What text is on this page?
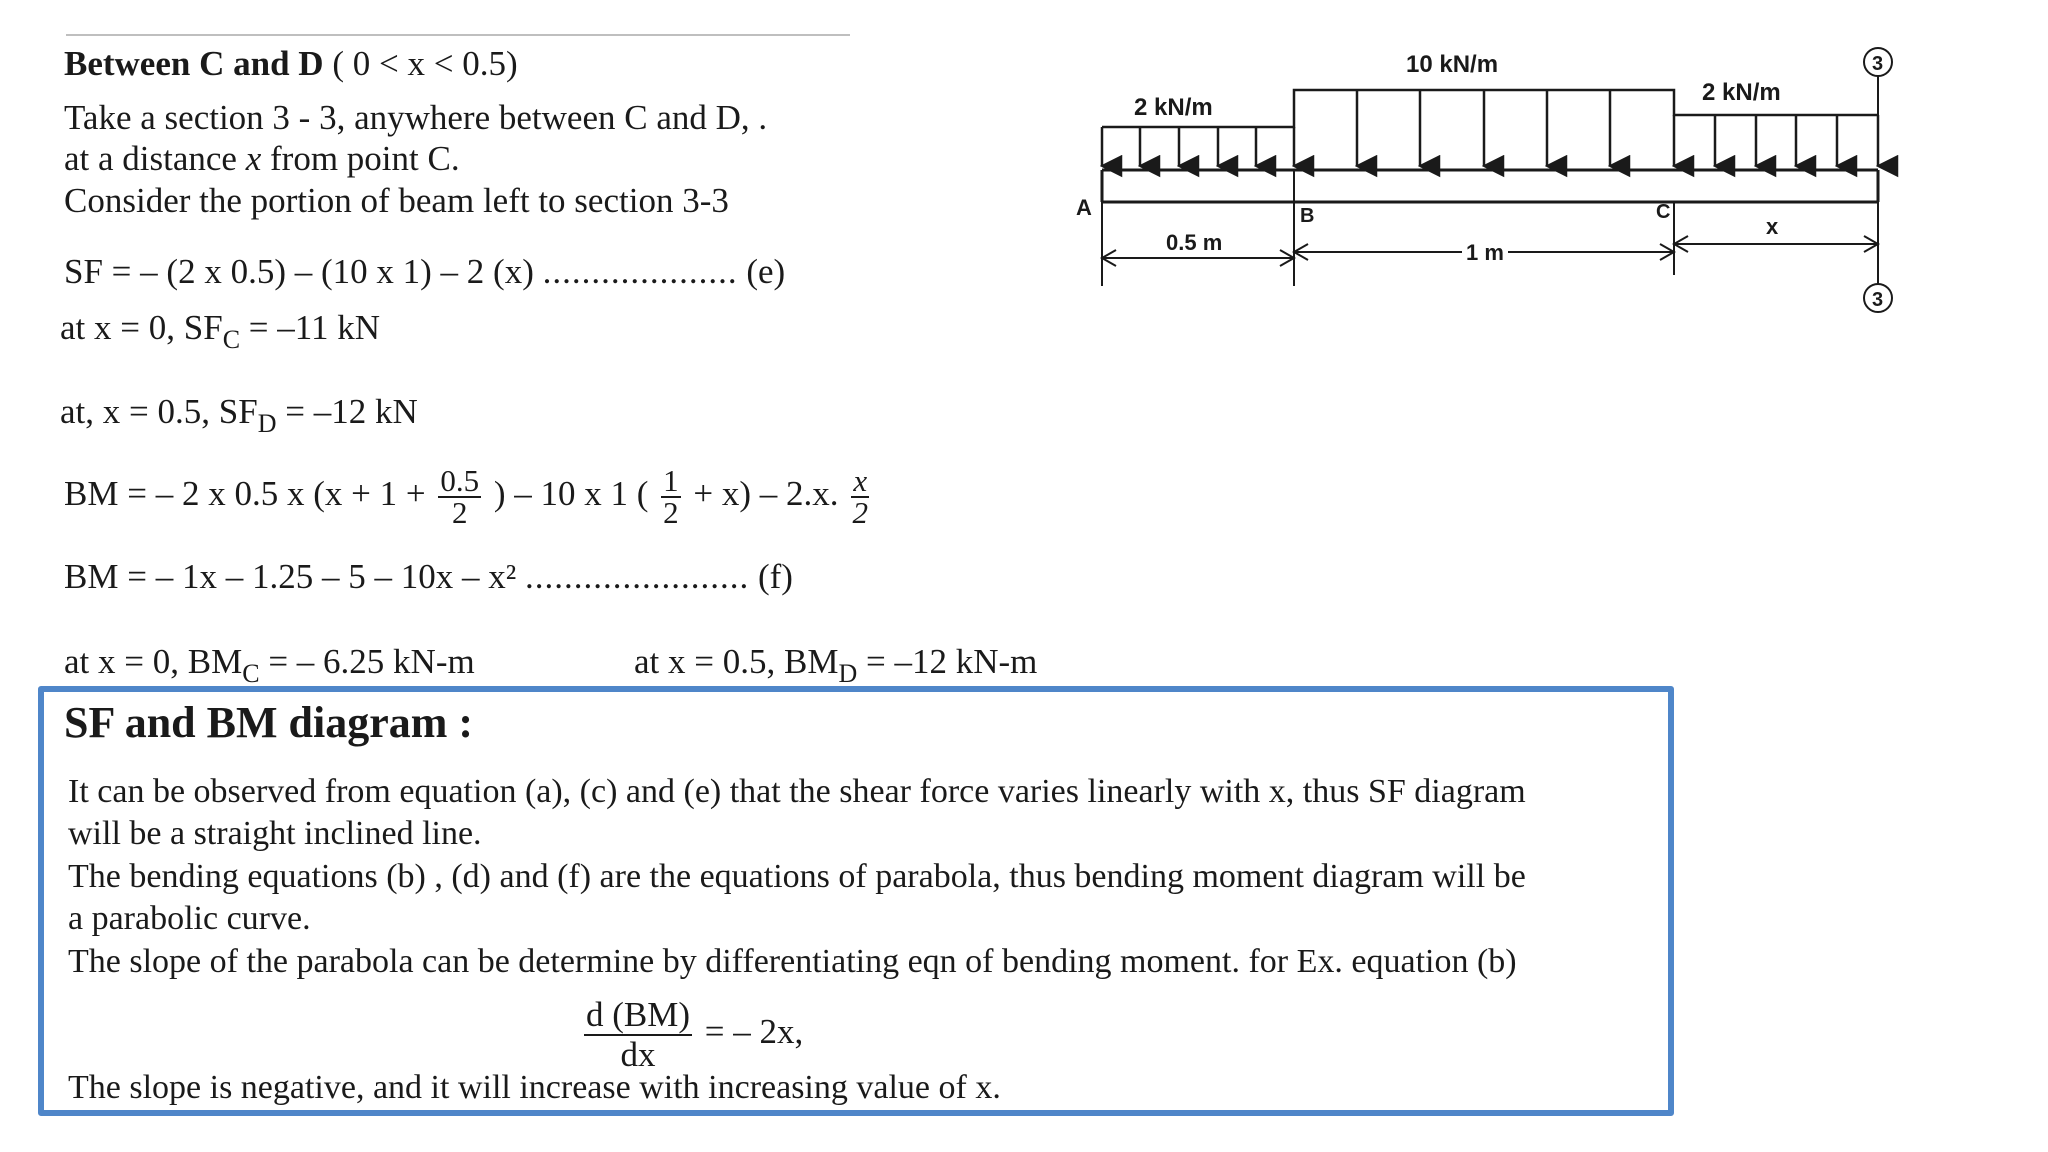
Between C and D ( 0 < x < 0.5)
Take a section 3 - 3, anywhere between C and D, .
at a distance x from point C.
Consider the portion of beam left to section 3-3
SF = – (2 x 0.5) – (10 x 1) – 2 (x) .................... (e)
at x = 0, $SF_C = -11$ kN
at, x = 0.5, $SF_D = -12$ kN
BM = – 2 x 0.5 x ($x + 1 + \frac{0.5}{2}$ ) – 10 x 1 ( $\frac{1}{2} + x) - 2.x$. $\frac{x}{2}$
BM = – 1x – 1.25 – 5 – 10x – x² ....................... (f)
at x = 0, $BM_C$ = – 6.25 kN-m	at x = 0.5, $BM_D = -12$ kN-m
2 kN/m
10 kN/m
2 kN/m
A	B	C
3
3
0.5 m	1 m
x
SF and BM diagram :
It can be observed from equation (a), (c) and (e) that the shear force varies linearly with x, thus SF diagram
will be a straight inclined line.
The bending equations (b) , (d) and (f) are the equations of parabola, thus bending moment diagram will be
a parabolic curve.
The slope of the parabola can be determine by differentiating eqn of bending moment. for Ex. equation (b)
$\frac{d (BM)}{dx}$ = – 2x,
The slope is negative, and it will increase with increasing value of x.
